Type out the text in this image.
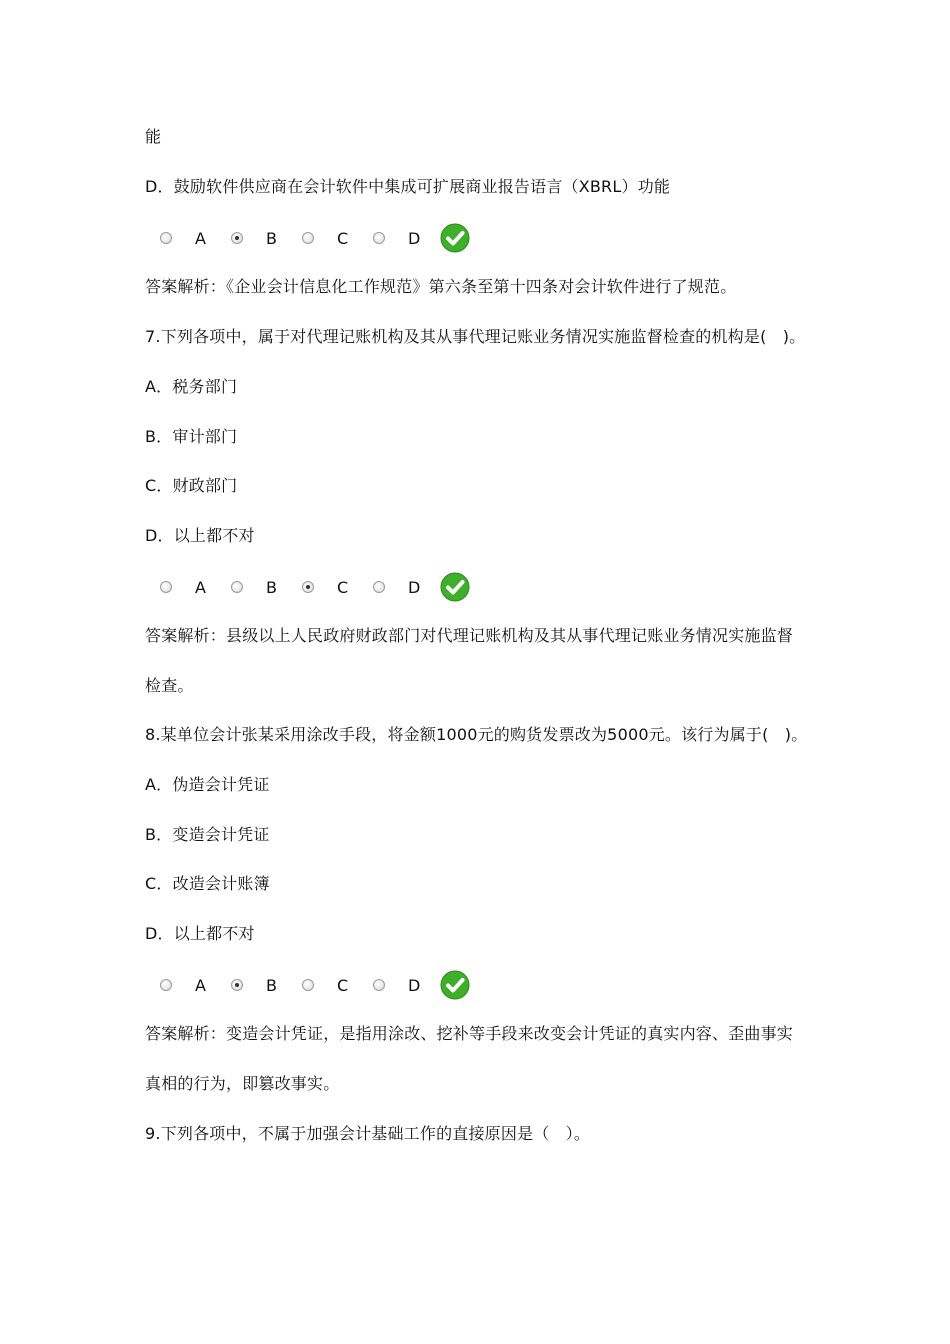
能
D．鼓励软件供应商在会计软件中集成可扩展商业报告语言（XBRL）功能
A	B	C	D
答案解析：《企业会计信息化工作规范》第六条至第十四条对会计软件进行了规范。
7.下列各项中，属于对代理记账机构及其从事代理记账业务情况实施监督检查的机构是(　)。
A．税务部门
B．审计部门
C．财政部门
D．以上都不对
A	B	C	D
答案解析：县级以上人民政府财政部门对代理记账机构及其从事代理记账业务情况实施监督
检查。
8.某单位会计张某采用涂改手段，将金额1000元的购货发票改为5000元。该行为属于(　)。
A．伪造会计凭证
B．变造会计凭证
C．改造会计账簿
D．以上都不对
A	B	C	D
答案解析：变造会计凭证，是指用涂改、挖补等手段来改变会计凭证的真实内容、歪曲事实
真相的行为，即篡改事实。
9.下列各项中，不属于加强会计基础工作的直接原因是（　）。
